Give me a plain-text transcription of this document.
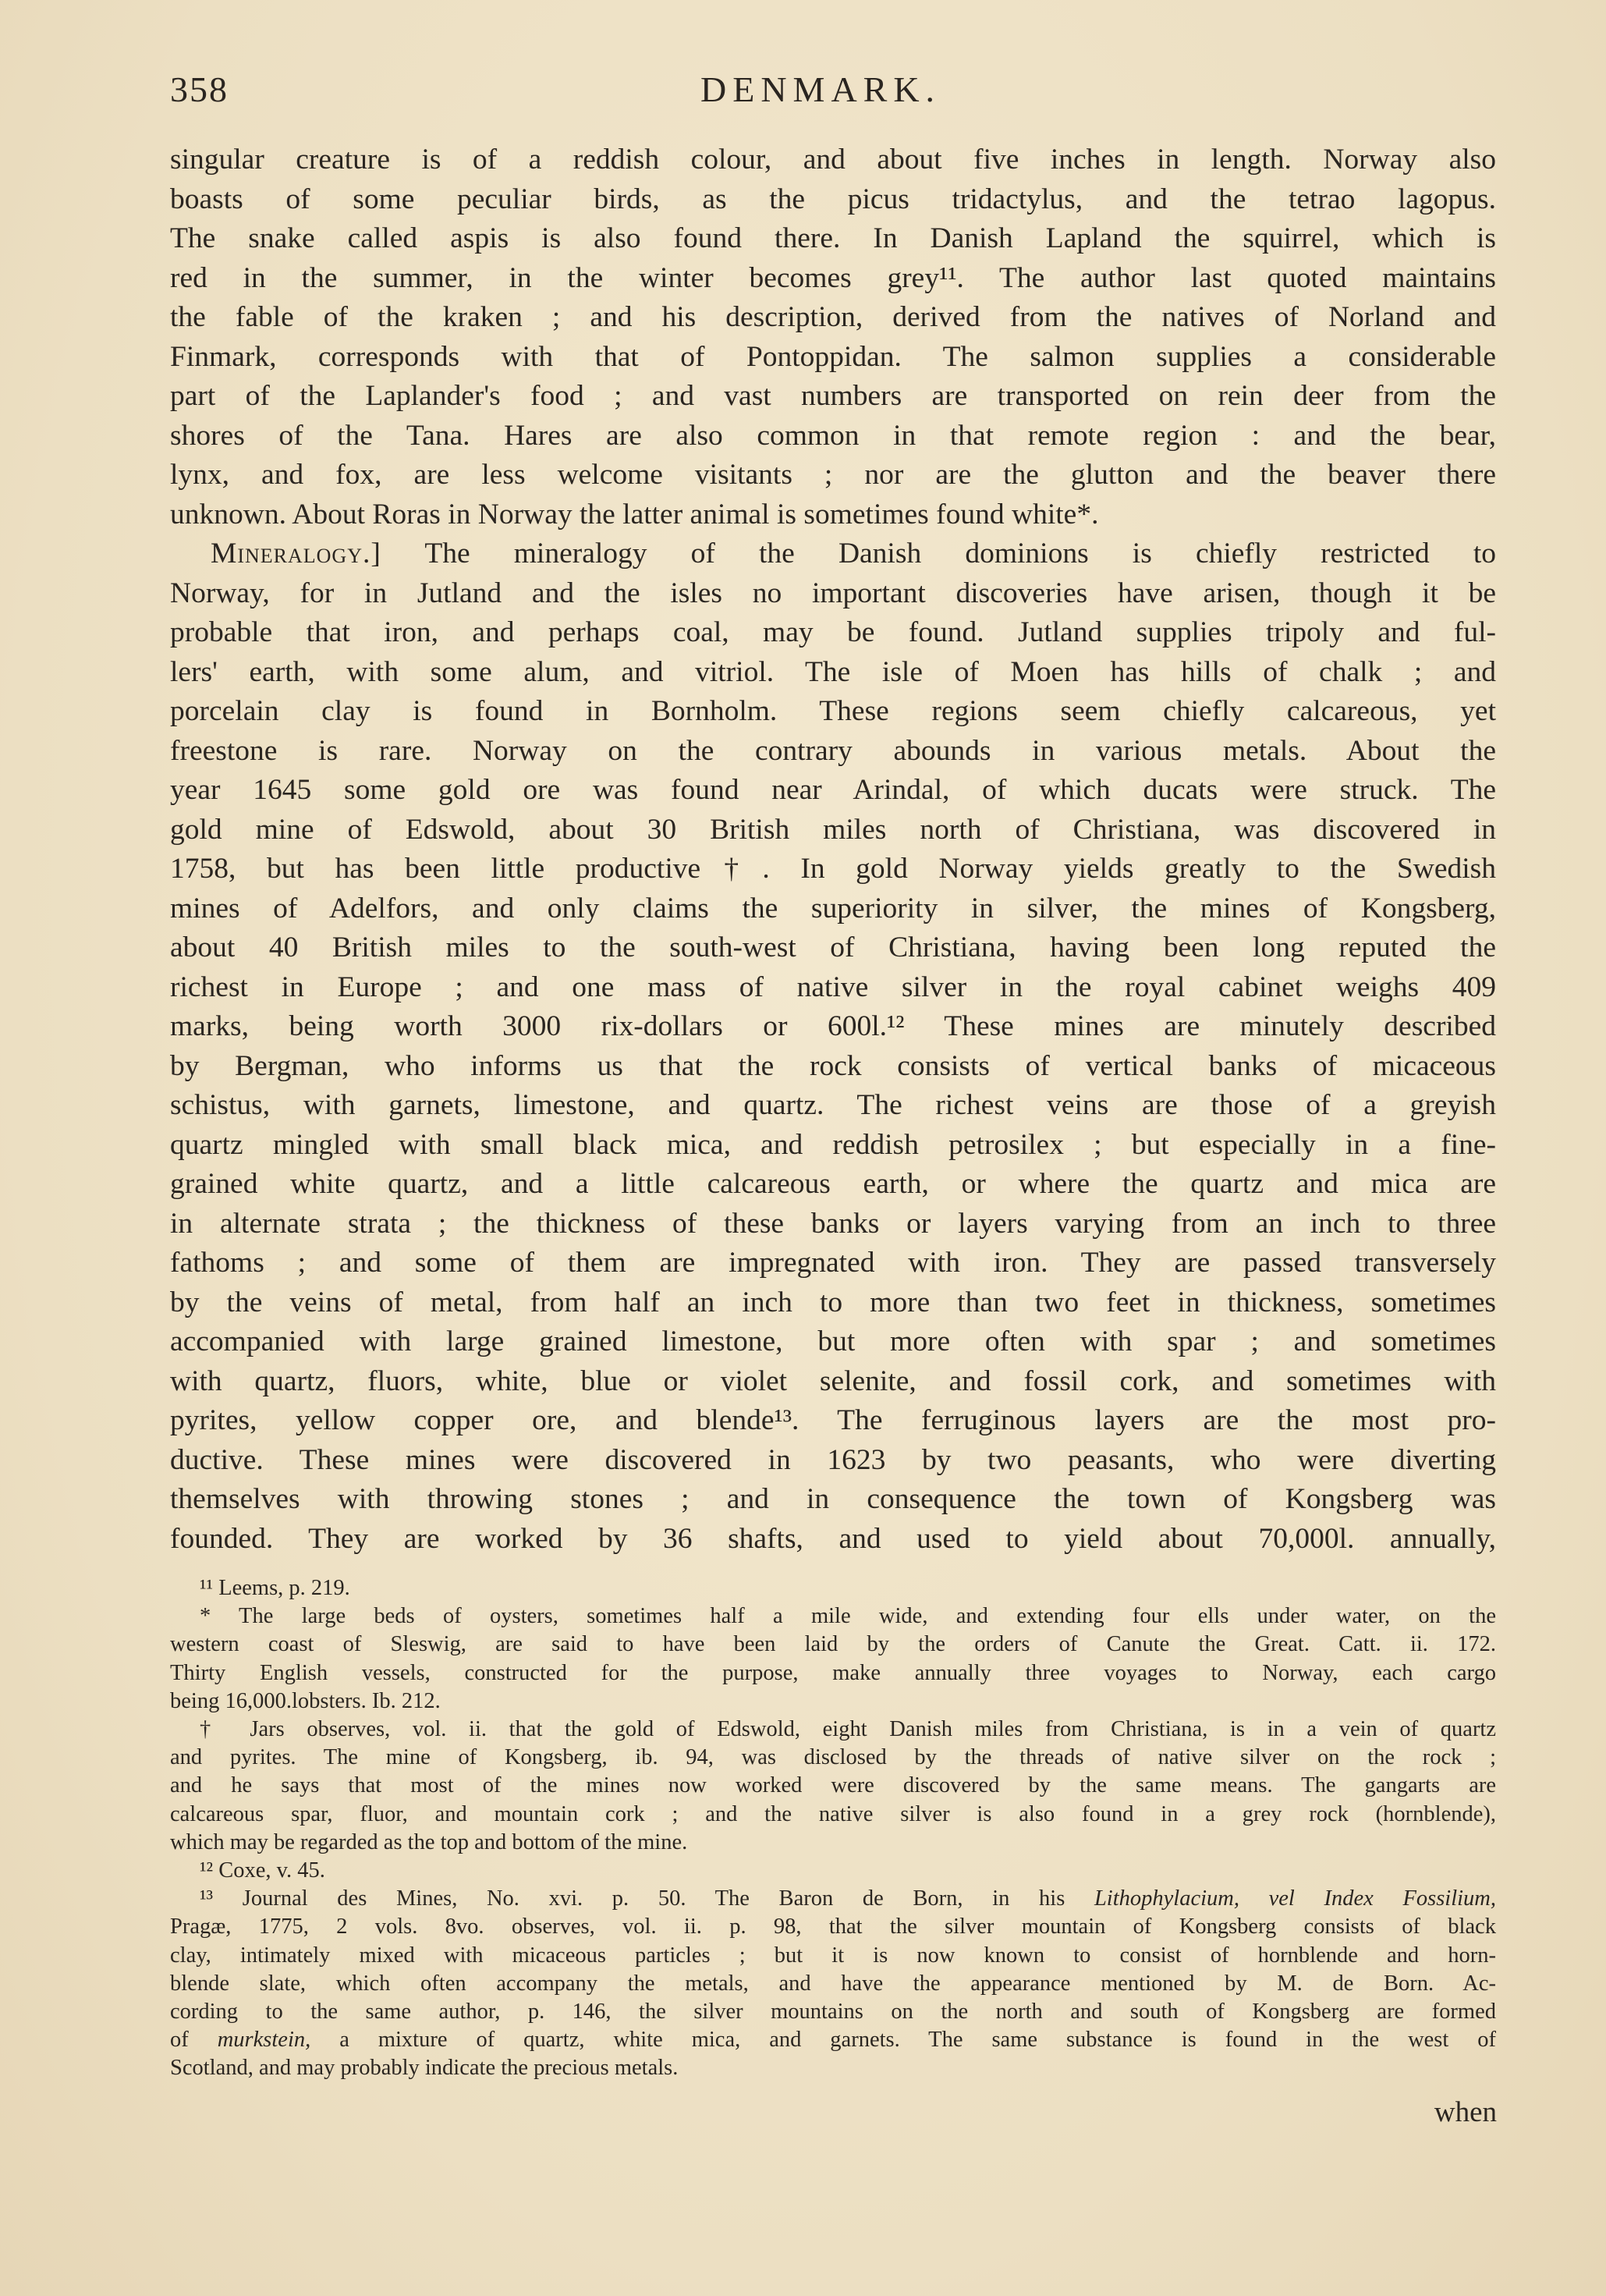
358	DENMARK.
singular creature is of a reddish colour, and about five inches in length. Norway also
boasts of some peculiar birds, as the picus tridactylus, and the tetrao lagopus.
The snake called aspis is also found there. In Danish Lapland the squirrel, which is
red in the summer, in the winter becomes grey¹¹. The author last quoted maintains
the fable of the kraken ; and his description, derived from the natives of Norland and
Finmark, corresponds with that of Pontoppidan. The salmon supplies a considerable
part of the Laplander's food ; and vast numbers are transported on rein deer from the
shores of the Tana. Hares are also common in that remote region : and the bear,
lynx, and fox, are less welcome visitants ; nor are the glutton and the beaver there
unknown. About Roras in Norway the latter animal is sometimes found white*.
Mineralogy.] The mineralogy of the Danish dominions is chiefly restricted to
Norway, for in Jutland and the isles no important discoveries have arisen, though it be
probable that iron, and perhaps coal, may be found. Jutland supplies tripoly and ful-
lers' earth, with some alum, and vitriol. The isle of Moen has hills of chalk ; and
porcelain clay is found in Bornholm. These regions seem chiefly calcareous, yet
freestone is rare. Norway on the contrary abounds in various metals. About the
year 1645 some gold ore was found near Arindal, of which ducats were struck. The
gold mine of Edswold, about 30 British miles north of Christiana, was discovered in
1758, but has been little productive†. In gold Norway yields greatly to the Swedish
mines of Adelfors, and only claims the superiority in silver, the mines of Kongsberg,
about 40 British miles to the south-west of Christiana, having been long reputed the
richest in Europe ; and one mass of native silver in the royal cabinet weighs 409
marks, being worth 3000 rix-dollars or 600l.¹² These mines are minutely described
by Bergman, who informs us that the rock consists of vertical banks of micaceous
schistus, with garnets, limestone, and quartz. The richest veins are those of a greyish
quartz mingled with small black mica, and reddish petrosilex ; but especially in a fine-
grained white quartz, and a little calcareous earth, or where the quartz and mica are
in alternate strata ; the thickness of these banks or layers varying from an inch to three
fathoms ; and some of them are impregnated with iron. They are passed transversely
by the veins of metal, from half an inch to more than two feet in thickness, sometimes
accompanied with large grained limestone, but more often with spar ; and sometimes
with quartz, fluors, white, blue or violet selenite, and fossil cork, and sometimes with
pyrites, yellow copper ore, and blende¹³. The ferruginous layers are the most pro-
ductive. These mines were discovered in 1623 by two peasants, who were diverting
themselves with throwing stones ; and in consequence the town of Kongsberg was
founded. They are worked by 36 shafts, and used to yield about 70,000l. annually,
¹¹ Leems, p. 219.
* The large beds of oysters, sometimes half a mile wide, and extending four ells under water, on the
western coast of Sleswig, are said to have been laid by the orders of Canute the Great. Catt. ii. 172.
Thirty English vessels, constructed for the purpose, make annually three voyages to Norway, each cargo
being 16,000.lobsters. Ib. 212.
† Jars observes, vol. ii. that the gold of Edswold, eight Danish miles from Christiana, is in a vein of quartz
and pyrites. The mine of Kongsberg, ib. 94, was disclosed by the threads of native silver on the rock ;
and he says that most of the mines now worked were discovered by the same means. The gangarts are
calcareous spar, fluor, and mountain cork ; and the native silver is also found in a grey rock (hornblende),
which may be regarded as the top and bottom of the mine.
¹² Coxe, v. 45.
¹³ Journal des Mines, No. xvi. p. 50. The Baron de Born, in his Lithophylacium, vel Index Fossilium,
Pragæ, 1775, 2 vols. 8vo. observes, vol. ii. p. 98, that the silver mountain of Kongsberg consists of black
clay, intimately mixed with micaceous particles ; but it is now known to consist of hornblende and horn-
blende slate, which often accompany the metals, and have the appearance mentioned by M. de Born. Ac-
cording to the same author, p. 146, the silver mountains on the north and south of Kongsberg are formed
of murkstein, a mixture of quartz, white mica, and garnets. The same substance is found in the west of
Scotland, and may probably indicate the precious metals.
when
